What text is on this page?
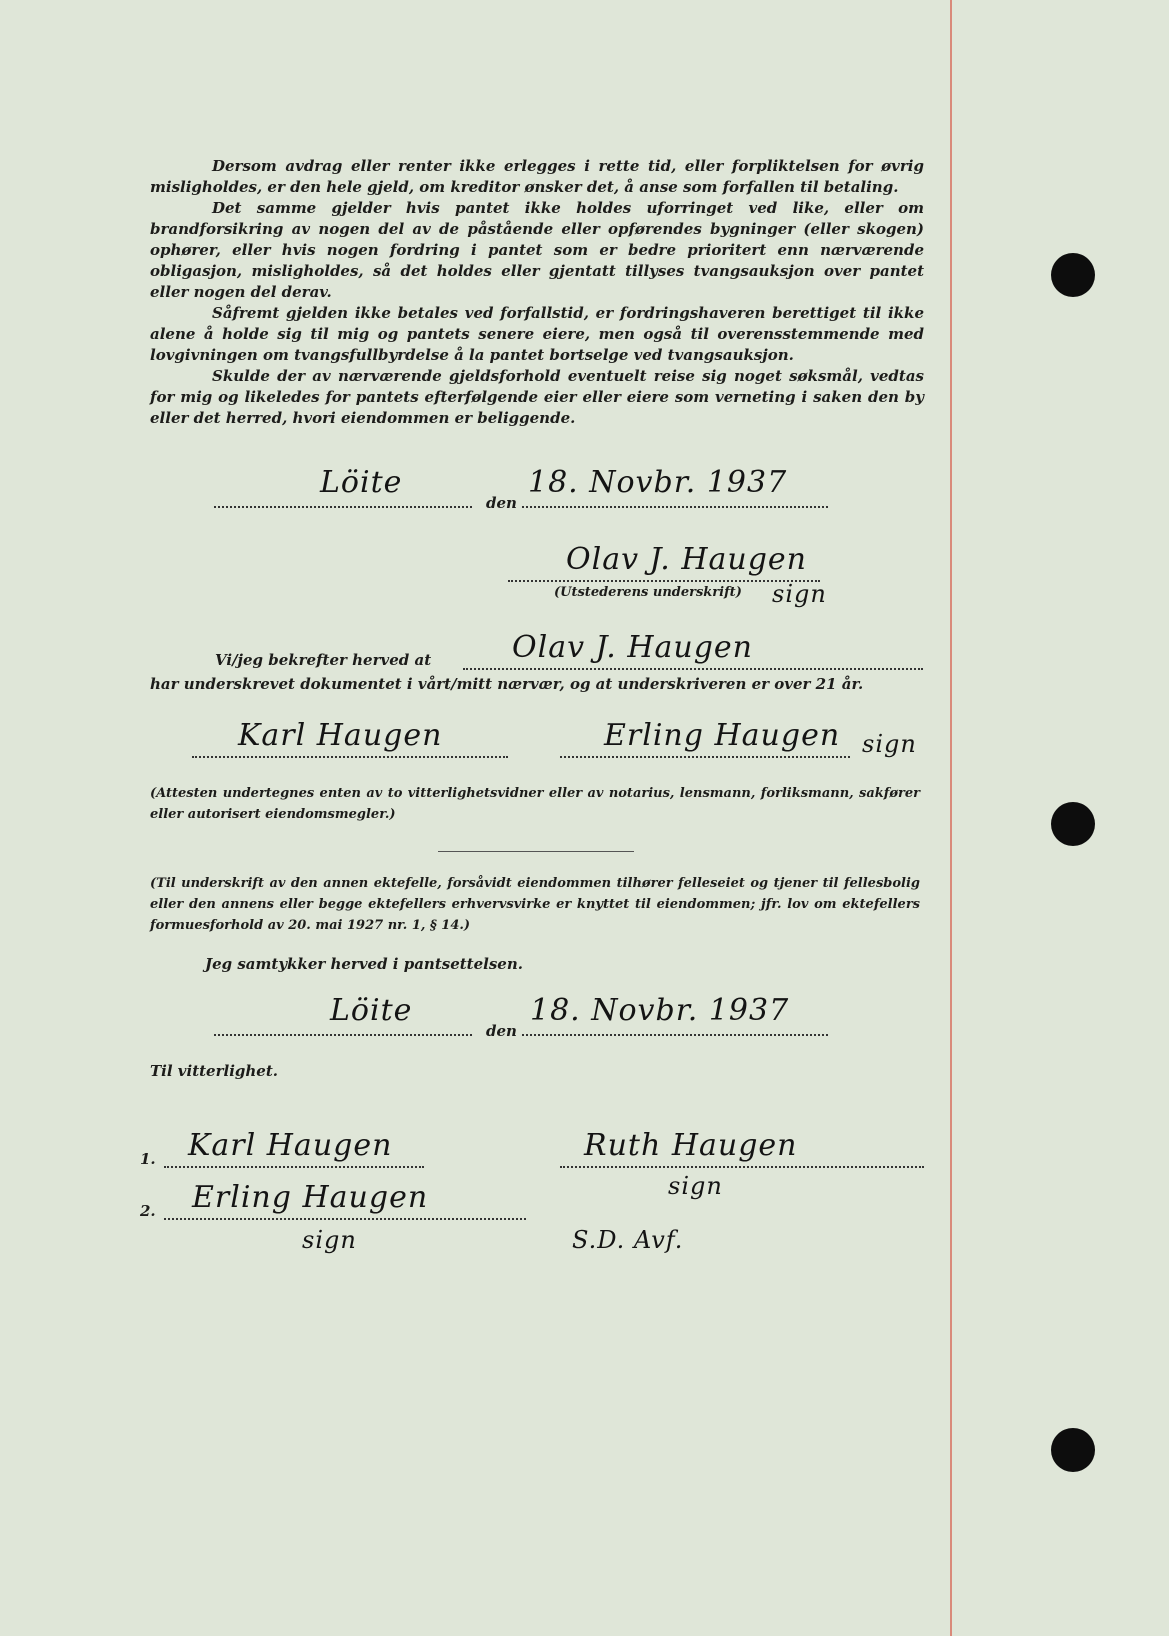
Dersom avdrag eller renter ikke erlegges i rette tid, eller forpliktelsen for øvrig misligholdes, er den hele gjeld, om kreditor ønsker det, å anse som forfallen til betaling.

Det samme gjelder hvis pantet ikke holdes uforringet ved like, eller om brandforsikring av nogen del av de påstående eller opførendes bygninger (eller skogen) ophører, eller hvis nogen fordring i pantet som er bedre prioritert enn nærværende obligasjon, misligholdes, så det holdes eller gjentatt tillyses tvangsauksjon over pantet eller nogen del derav.

Såfremt gjelden ikke betales ved forfallstid, er fordringshaveren berettiget til ikke alene å holde sig til mig og pantets senere eiere, men også til overensstemmende med lovgivningen om tvangsfullbyrdelse å la pantet bortselge ved tvangsauksjon.

Skulde der av nærværende gjeldsforhold eventuelt reise sig noget søksmål, vedtas for mig og likeledes for pantets efterfølgende eier eller eiere som verneting i saken den by eller det herred, hvori eiendommen er beliggende.

Löite
den
18. Novbr. 1937
Olav J. Haugen
(Utstederens underskrift) sign
Vi/jeg bekrefter herved at	Olav J. Haugen
har underskrevet dokumentet i vårt/mitt nærvær, og at underskriveren er over 21 år.
Karl Haugen	Erling Haugen sign
(Attesten undertegnes enten av to vitterlighetsvidner eller av notarius, lensmann, forliksmann, sakfører eller autorisert eiendomsmegler.)
(Til underskrift av den annen ektefelle, forsåvidt eiendommen tilhører felleseiet og tjener til fellesbolig eller den annens eller begge ektefellers erhvervsvirke er knyttet til eiendommen; jfr. lov om ektefellers formuesforhold av 20. mai 1927 nr. 1, § 14.)
Jeg samtykker herved i pantsettelsen.
Löite
den
18. Novbr. 1937
Til vitterlighet.
1. Karl Haugen
2. Erling Haugen
sign
Ruth Haugen
sign
S.D. Avf.
